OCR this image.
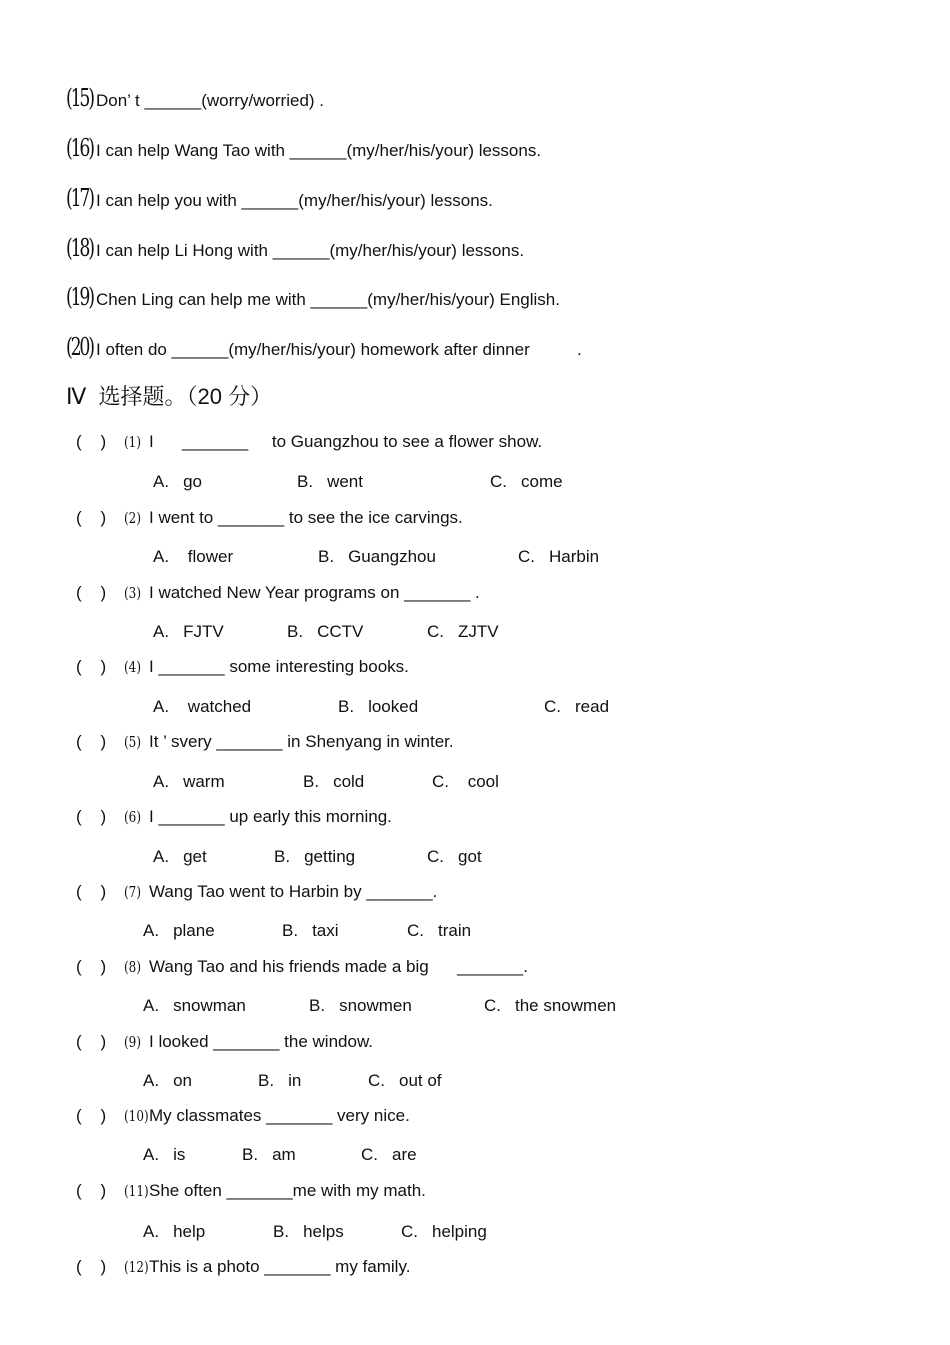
(15) Don’ t ______(worry/worried) .
(16) I can help Wang Tao with ______(my/her/his/your) lessons.
(17) I can help you with ______(my/her/his/your) lessons.
(18) I can help Li Hong with ______(my/her/his/your) lessons.
(19) Chen Ling can help me with ______(my/her/his/your) English.
(20) I often do ______(my/her/his/your) homework after dinner          .
Ⅳ  选择题。（20 分）
(    )	(1) I      _______     to Guangzhou to see a flower show.
A. go	B. went	C. come
(    )	(2) I went to _______ to see the ice carvings.
A. flower	B. Guangzhou	C. Harbin
(    )	(3) I watched New Year programs on _______ .
A. FJTV	B. CCTV	C. ZJTV
(    )	(4) I _______ some interesting books.
A. watched	B. looked	C. read
(    )	(5) It ’ svery _______ in Shenyang in winter.
A. warm	B. cold	C. cool
(    )	(6) I _______ up early this morning.
A. get	B. getting	C. got
(    )	(7) Wang Tao went to Harbin by _______.
A. plane	B. taxi	C. train
(    )	(8) Wang Tao and his friends made a big      _______.
A. snowman	B. snowmen	C. the snowmen
(    )	(9) I looked _______ the window.
A. on	B. in	C. out of
(    )	(10) My classmates _______ very nice.
A. is	B. am	C. are
(    )	(11) She often _______me with my math.
A. help	B. helps	C. helping
(    )	(12) This is a photo _______ my family.
